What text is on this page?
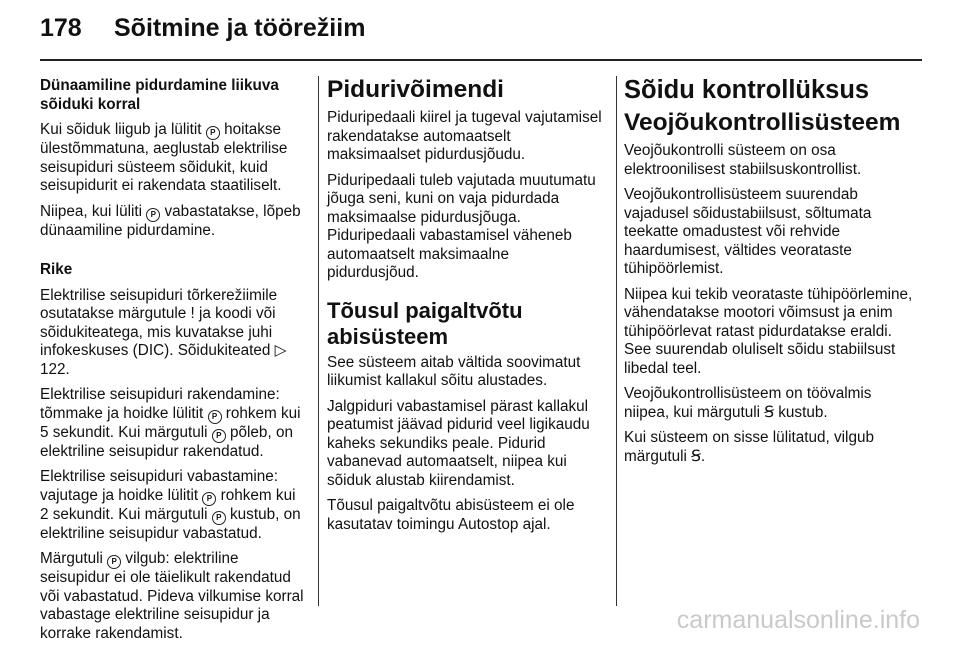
178 Sõitmine ja töörežiim

Dünaamiline pidurdamine liikuva sõiduki korral

Kui sõiduk liigub ja lülitit P hoitakse ülestõmmatuna, aeglustab elektrilise seisupiduri süsteem sõidukit, kuid seisupidurit ei rakendata staatiliselt.

Niipea, kui lüliti P vabastatakse, lõpeb dünaamiline pidurdamine.

Rike

Elektrilise seisupiduri tõrkerežiimile osutatakse märgutule ! ja koodi või sõidukiteatega, mis kuvatakse juhi infokeskuses (DIC). Sõidukiteated ▷ 122.

Elektrilise seisupiduri rakendamine: tõmmake ja hoidke lülitit P rohkem kui 5 sekundit. Kui märgutuli P põleb, on elektriline seisupidur rakendatud.

Elektrilise seisupiduri vabastamine: vajutage ja hoidke lülitit P rohkem kui 2 sekundit. Kui märgutuli P kustub, on elektriline seisupidur vabastatud.

Märgutuli P vilgub: elektriline seisupidur ei ole täielikult rakendatud või vabastatud. Pideva vilkumise korral vabastage elektriline seisupidur ja korrake rakendamist.

Pidurivõimendi

Piduripedaali kiirel ja tugeval vajutamisel rakendatakse automaatselt maksimaalset pidurdusjõudu.

Piduripedaali tuleb vajutada muutumatu jõuga seni, kuni on vaja pidurdada maksimaalse pidurdusjõuga. Piduripedaali vabastamisel väheneb automaatselt maksimaalne pidurdusjõud.

Tõusul paigaltvõtu abisüsteem

See süsteem aitab vältida soovimatut liikumist kallakul sõitu alustades.

Jalgpiduri vabastamisel pärast kallakul peatumist jäävad pidurid veel ligikaudu kaheks sekundiks peale. Pidurid vabanevad automaatselt, niipea kui sõiduk alustab kiirendamist.

Tõusul paigaltvõtu abisüsteem ei ole kasutatav toimingu Autostop ajal.

Sõidu kontrollüksus
Veojõukontrollisüsteem

Veojõukontrolli süsteem on osa elektroonilisest stabiilsuskontrollist.

Veojõukontrollisüsteem suurendab vajadusel sõidustabiilsust, sõltumata teekatte omadustest või rehvide haardumisest, vältides veorataste tühipöörlemist.

Niipea kui tekib veorataste tühipöörlemine, vähendatakse mootori võimsust ja enim tühipöörlevat ratast pidurdatakse eraldi. See suurendab oluliselt sõidu stabiilsust libedal teel.

Veojõukontrollisüsteem on töövalmis niipea, kui märgutuli Ꞩ kustub.

Kui süsteem on sisse lülitatud, vilgub märgutuli Ꞩ.

carmanualsonline.info
